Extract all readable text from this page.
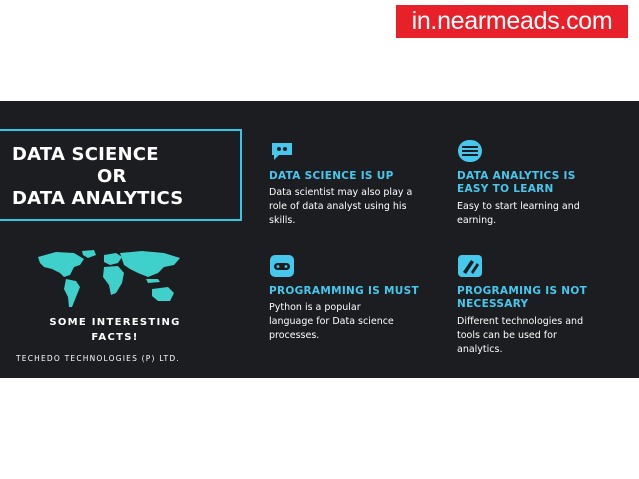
in.nearmeads.com
DATA SCIENCE
OR
DATA ANALYTICS
SOME INTERESTING
FACTS!
TECHEDO TECHNOLOGIES (P) LTD.
DATA SCIENCE IS UP
Data scientist may also play a
role of data analyst using his
skills.
DATA ANALYTICS IS
EASY TO LEARN
Easy to start learning and
earning.
PROGRAMMING IS MUST
Python is a popular
language for Data science
processes.
PROGRAMING IS NOT
NECESSARY
Different technologies and
tools can be used for
analytics.
